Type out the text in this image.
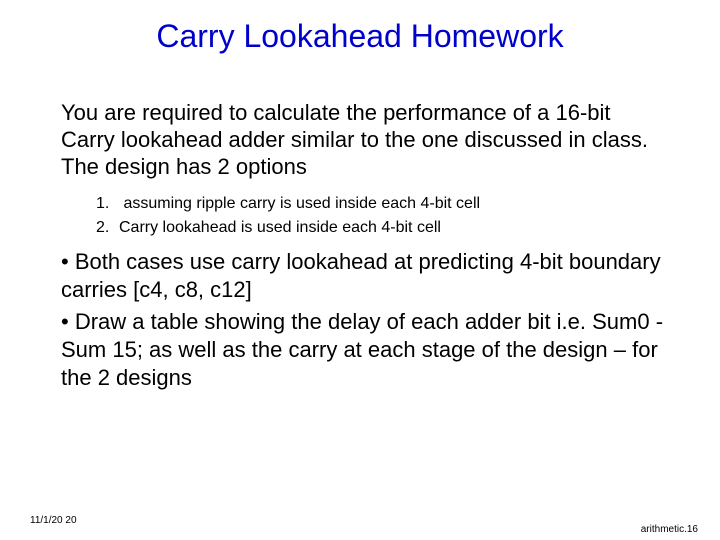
Carry Lookahead Homework

You are required to calculate the performance of a 16-bit Carry lookahead adder similar to the one discussed in class. The design has 2 options

1. assuming ripple carry is used inside each 4-bit cell
2. Carry lookahead is used inside each 4-bit cell
• Both cases use carry lookahead at predicting 4-bit boundary carries [c4, c8, c12]
• Draw a table showing the delay of each adder bit i.e. Sum0 - Sum 15; as well as the carry at each stage of the design – for the 2 designs
11/1/20 20
arithmetic.16
